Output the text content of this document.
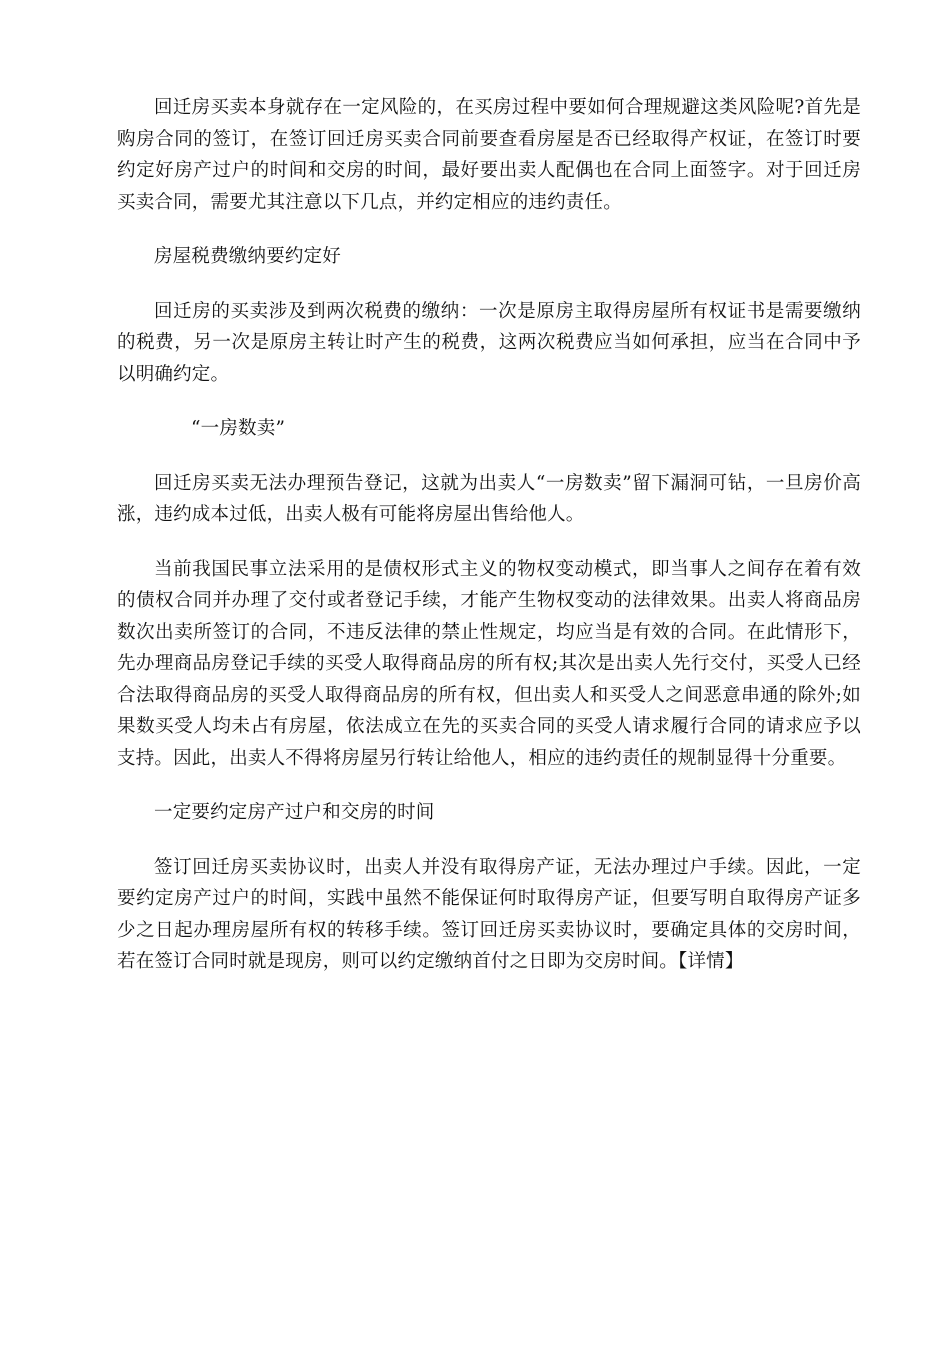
回迁房买卖本身就存在一定风险的，在买房过程中要如何合理规避这类风险呢?首先是购房合同的签订，在签订回迁房买卖合同前要查看房屋是否已经取得产权证，在签订时要约定好房产过户的时间和交房的时间，最好要出卖人配偶也在合同上面签字。对于回迁房买卖合同，需要尤其注意以下几点，并约定相应的违约责任。

房屋税费缴纳要约定好

回迁房的买卖涉及到两次税费的缴纳：一次是原房主取得房屋所有权证书是需要缴纳的税费，另一次是原房主转让时产生的税费，这两次税费应当如何承担，应当在合同中予以明确约定。

“一房数卖”

回迁房买卖无法办理预告登记，这就为出卖人“一房数卖”留下漏洞可钻，一旦房价高涨，违约成本过低，出卖人极有可能将房屋出售给他人。

当前我国民事立法采用的是债权形式主义的物权变动模式，即当事人之间存在着有效的债权合同并办理了交付或者登记手续，才能产生物权变动的法律效果。出卖人将商品房数次出卖所签订的合同，不违反法律的禁止性规定，均应当是有效的合同。在此情形下，先办理商品房登记手续的买受人取得商品房的所有权;其次是出卖人先行交付，买受人已经合法取得商品房的买受人取得商品房的所有权，但出卖人和买受人之间恶意串通的除外;如果数买受人均未占有房屋，依法成立在先的买卖合同的买受人请求履行合同的请求应予以支持。因此，出卖人不得将房屋另行转让给他人，相应的违约责任的规制显得十分重要。

一定要约定房产过户和交房的时间

签订回迁房买卖协议时，出卖人并没有取得房产证，无法办理过户手续。因此，一定要约定房产过户的时间，实践中虽然不能保证何时取得房产证，但要写明自取得房产证多少之日起办理房屋所有权的转移手续。签订回迁房买卖协议时，要确定具体的交房时间，若在签订合同时就是现房，则可以约定缴纳首付之日即为交房时间。【详情】
